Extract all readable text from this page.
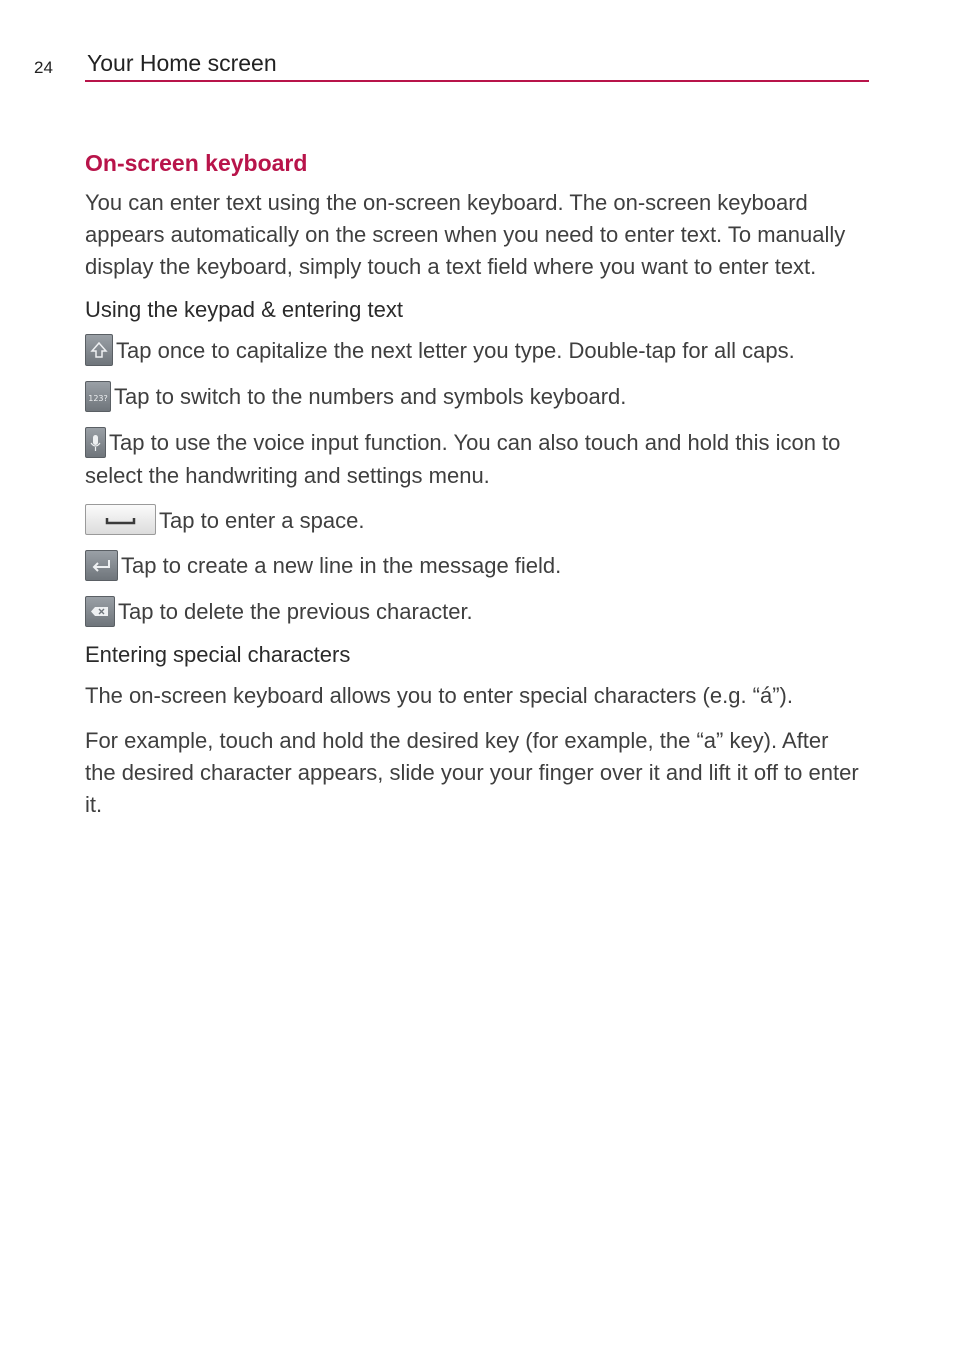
24 Your Home screen
On-screen keyboard

You can enter text using the on-screen keyboard. The on-screen keyboard appears automatically on the screen when you need to enter text. To manually display the keyboard, simply touch a text field where you want to enter text.

Using the keypad & entering text

Tap once to capitalize the next letter you type. Double-tap for all caps.

123? Tap to switch to the numbers and symbols keyboard.

Tap to use the voice input function. You can also touch and hold this icon to select the handwriting and settings menu.

Tap to enter a space.

Tap to create a new line in the message field.

Tap to delete the previous character.

Entering special characters

The on-screen keyboard allows you to enter special characters (e.g. “á”).

For example, touch and hold the desired key (for example, the “a” key). After the desired character appears, slide your your finger over it and lift it off to enter it.
